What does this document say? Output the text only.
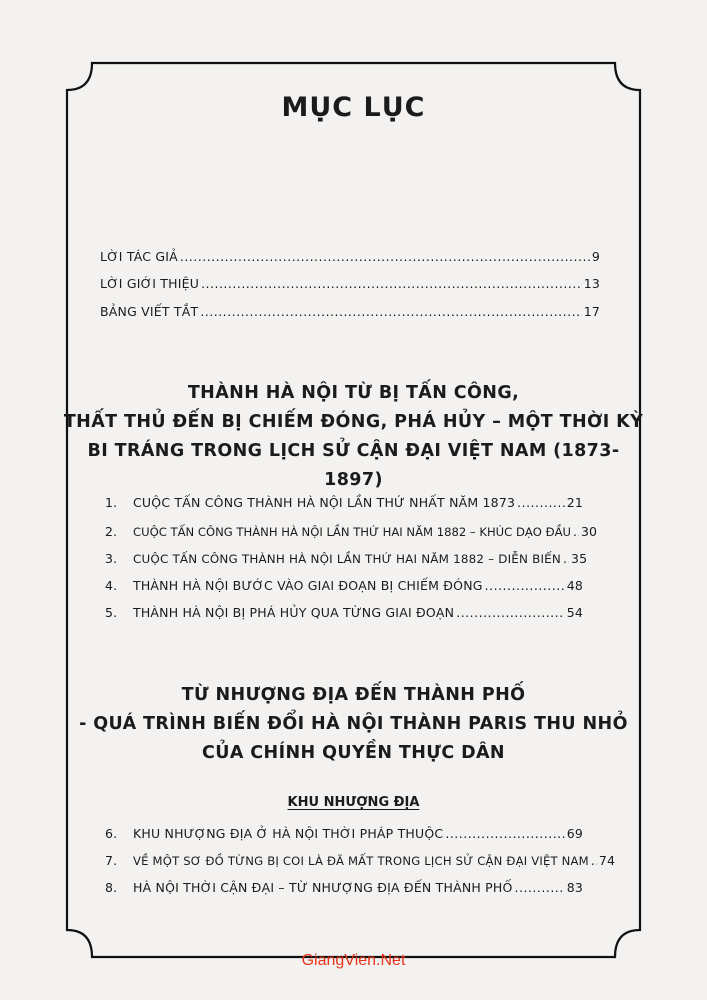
MỤC LỤC
LỜI TÁC GIẢ .....	9
LỜI GIỚI THIỆU .....	13
BẢNG VIẾT TẮT .....	17
THÀNH HÀ NỘI TỪ BỊ TẤN CÔNG,
THẤT THỦ ĐẾN BỊ CHIẾM ĐÓNG, PHÁ HỦY – MỘT THỜI KỲ
BI TRÁNG TRONG LỊCH SỬ CẬN ĐẠI VIỆT NAM (1873-1897)
1.	CUỘC TẤN CÔNG THÀNH HÀ NỘI LẦN THỨ NHẤT NĂM 1873 .....	21
2.	CUỘC TẤN CÔNG THÀNH HÀ NỘI LẦN THỨ HAI NĂM 1882 – KHÚC DẠO ĐẦU ..... 30
3.	CUỘC TẤN CÔNG THÀNH HÀ NỘI LẦN THỨ HAI NĂM 1882 – DIỄN BIẾN ..... 35
4.	THÀNH HÀ NỘI BƯỚC VÀO GIAI ĐOẠN BỊ CHIẾM ĐÓNG .....	48
5.	THÀNH HÀ NỘI BỊ PHÁ HỦY QUA TỪNG GIAI ĐOẠN .....	54
TỪ NHƯỢNG ĐỊA ĐẾN THÀNH PHỐ
- QUÁ TRÌNH BIẾN ĐỔI HÀ NỘI THÀNH PARIS THU NHỎ
CỦA CHÍNH QUYỀN THỰC DÂN
KHU NHƯỢNG ĐỊA
6.	KHU NHƯỢNG ĐỊA Ở HÀ NỘI THỜI PHÁP THUỘC .....	69
7.	VỀ MỘT SƠ ĐỒ TỪNG BỊ COI LÀ ĐÃ MẤT TRONG LỊCH SỬ CẬN ĐẠI VIỆT NAM ..... 74
8.	HÀ NỘI THỜI CẬN ĐẠI – TỪ NHƯỢNG ĐỊA ĐẾN THÀNH PHỐ .....	83
GiangVien.Net
